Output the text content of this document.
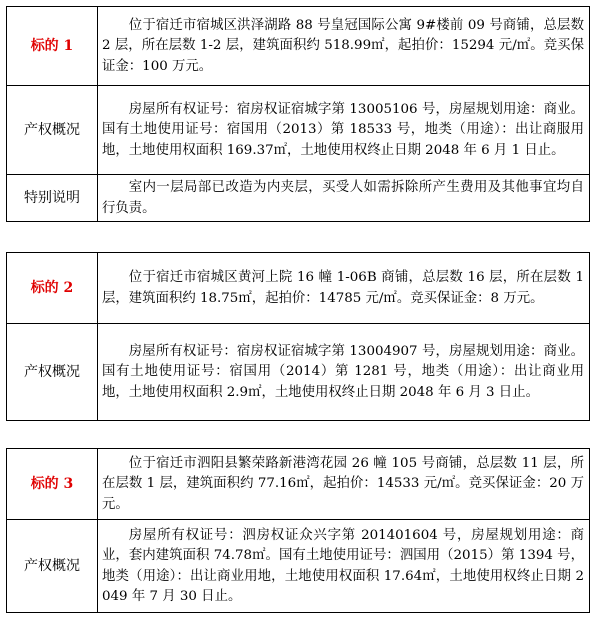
标的 1	位于宿迁市宿城区洪泽湖路 88 号皇冠国际公寓 9#楼前 09 号商铺，总层数 2 层，所在层数 1-2 层，建筑面积约 518.99㎡，起拍价：15294 元/㎡。竞买保证金：100 万元。
产权概况	房屋所有权证号：宿房权证宿城字第 13005106 号，房屋规划用途：商业。国有土地使用证号：宿国用（2013）第 18533 号，地类（用途）：出让商服用地，土地使用权面积 169.37㎡，土地使用权终止日期 2048 年 6 月 1 日止。
特别说明	室内一层局部已改造为内夹层，买受人如需拆除所产生费用及其他事宜均自行负责。
标的 2	位于宿迁市宿城区黄河上院 16 幢 1-06B 商铺，总层数 16 层，所在层数 1 层，建筑面积约 18.75㎡，起拍价：14785 元/㎡。竞买保证金：8 万元。
产权概况	房屋所有权证号：宿房权证宿城字第 13004907 号，房屋规划用途：商业。国有土地使用证号：宿国用（2014）第 1281 号，地类（用途）：出让商业用地，土地使用权面积 2.9㎡，土地使用权终止日期 2048 年 6 月 3 日止。
标的 3	位于宿迁市泗阳县繁荣路新港湾花园 26 幢 105 号商铺，总层数 11 层，所在层数 1 层，建筑面积约 77.16㎡，起拍价：14533 元/㎡。竞买保证金：20 万元。
产权概况	房屋所有权证号：泗房权证众兴字第 201401604 号，房屋规划用途：商业，套内建筑面积 74.78㎡。国有土地使用证号：泗国用（2015）第 1394 号，地类（用途）：出让商业用地，土地使用权面积 17.64㎡，土地使用权终止日期 2049 年 7 月 30 日止。
